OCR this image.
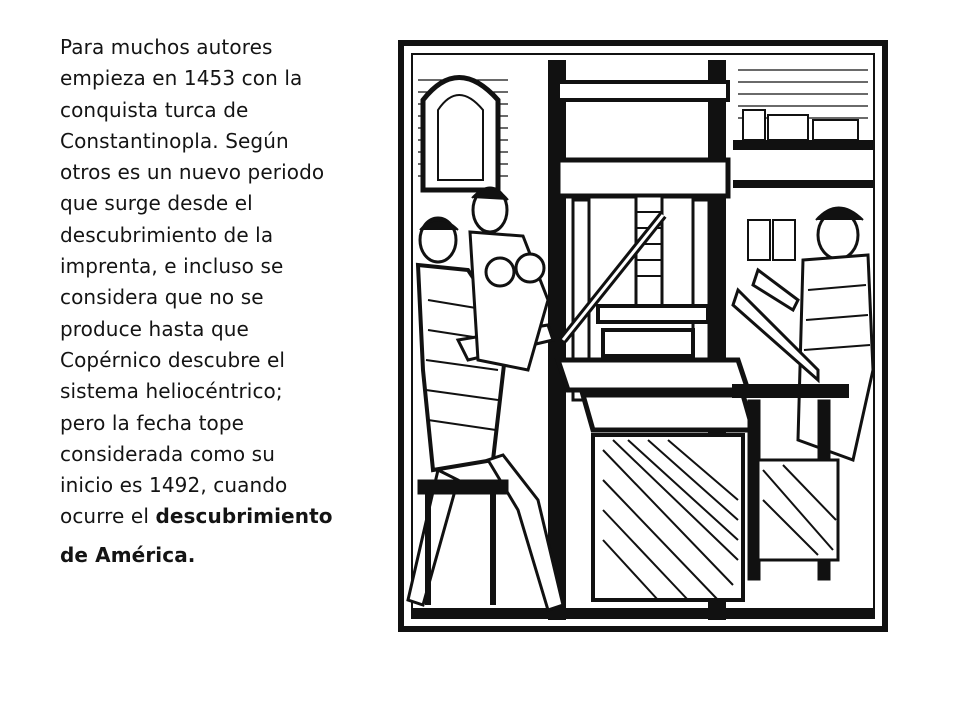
Para muchos autores
empieza en 1453 con la
conquista turca de
Constantinopla. Según
otros es un nuevo periodo
que surge desde el
descubrimiento de la
imprenta, e incluso se
considera que no se
produce hasta que
Copérnico descubre el
sistema heliocéntrico;
pero la fecha tope
considerada como su
inicio es 1492, cuando
ocurre el descubrimiento
de América.
